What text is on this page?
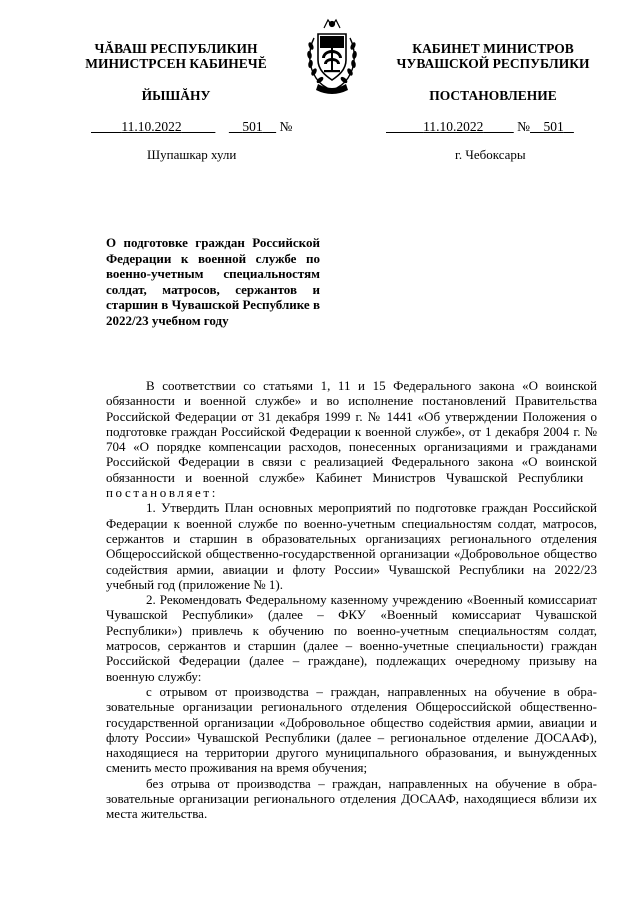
ЧĂВАШ РЕСПУБЛИКИН
МИНИСТРСЕН КАБИНЕЧĔ
КАБИНЕТ МИНИСТРОВ
ЧУВАШСКОЙ РЕСПУБЛИКИ
ЙЫШĂНУ	ПОСТАНОВЛЕНИЕ
11.10.2022	501 №	11.10.2022	№ 501
Шупашкар хули	г. Чебоксары
О подготовке граждан Российской Федерации к военной службе по военно-учетным специальностям солдат, матросов, сержантов и старшин в Чувашской Республике в 2022/23 учебном году

В соответствии со статьями 1, 11 и 15 Федерального закона «О воинской обязанности и военной службе» и во исполнение постановлений Правительства Российской Федерации от 31 декабря 1999 г. № 1441 «Об утверждении Положения о подготовке граждан Российской Федерации к военной службе», от 1 декабря 2004 г. № 704 «О порядке компенсации расходов, понесенных организациями и гражданами Российской Федерации в связи с реализацией Федерального закона «О воинской обязанности и военной службе» Кабинет Министров Чувашской Республики   постановляет:

1. Утвердить План основных мероприятий по подготовке граждан Российской Федерации к военной службе по военно-учетным специальностям солдат, матросов, сержантов и старшин в образовательных организациях регионального отделения Общероссийской общественно-государственной организации «Добровольное общество содействия армии, авиации и флоту России» Чувашской Республики на 2022/23 учебный год (приложение № 1).

2. Рекомендовать Федеральному казенному учреждению «Военный комиссариат Чувашской Республики» (далее – ФКУ «Военный комиссариат Чувашской Республики») привлечь к обучению по военно-учетным специальностям солдат, матросов, сержантов и старшин (далее – военно-учетные специальности) граждан Российской Федерации (далее – граждане), подлежащих очередному призыву на военную службу:

с отрывом от производства – граждан, направленных на обучение в образовательные организации регионального отделения Общероссийской общественно-государственной организации «Добровольное общество содействия армии, авиации и флоту России» Чувашской Республики (далее – региональное отделение ДОСААФ), находящиеся на территории другого муниципального образования, и вынужденных сменить место проживания на время обучения;

без отрыва от производства – граждан, направленных на обучение в образовательные организации регионального отделения ДОСААФ, находящиеся вблизи их места жительства.
